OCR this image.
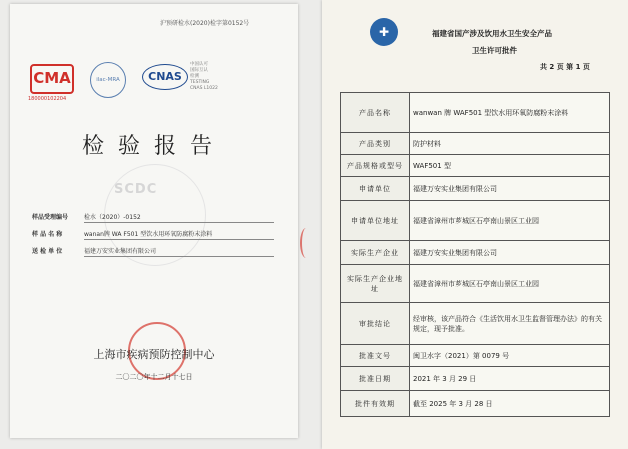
沪预研检水(2020)检字第0152号
CMA
180000102204
ilac-MRA	CNAS
中国认可
国际互认
检测
TESTING
CNAS L1022
检验报告
SCDC
样品受理编号	检水（2020）-0152
样 品 名 称	wanan牌 WA F501 型饮水用环氧防腐粉末涂料
送 检 单 位	福建万安实业集团有限公司
上海市疾病预防控制中心
二〇二〇年十二月十七日
✚	福建省国产涉及饮用水卫生安全产品
卫生许可批件
共 2 页 第 1 页
产品名称	wanwan 牌 WAF501 型饮水用环氧防腐粉末涂料
产品类别	防护材料
产品规格或型号	WAF501 型
申请单位	福建万安实业集团有限公司
申请单位地址	福建省漳州市芗城区石亭南山景区工业园
实际生产企业	福建万安实业集团有限公司
实际生产企业地址	福建省漳州市芗城区石亭南山景区工业园
审批结论	经审核，该产品符合《生活饮用水卫生监督管理办法》的有关规定，现予批准。
批准文号	闽卫水字（2021）第 0079 号
批准日期	2021 年 3 月 29 日
批件有效期	截至 2025 年 3 月 28 日
